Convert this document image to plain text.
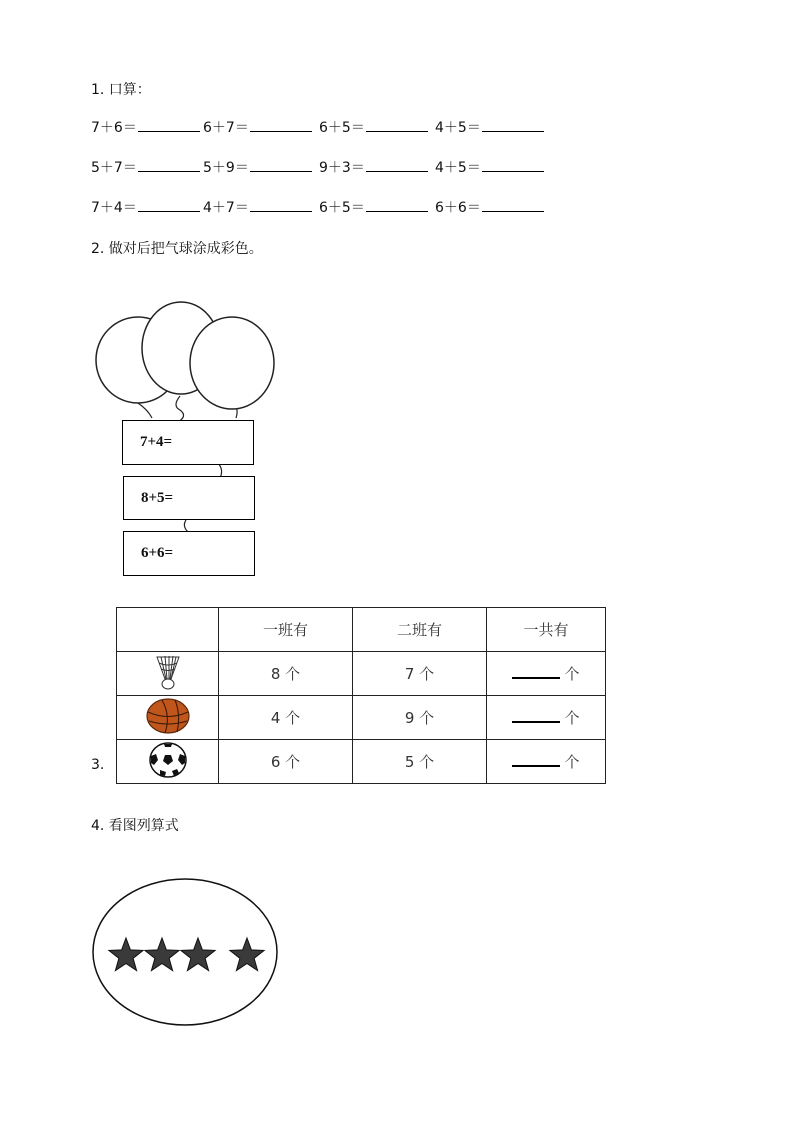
1. 口算：
7＋6＝	6＋7＝	6＋5＝	4＋5＝
5＋7＝	5＋9＝	9＋3＝	4＋5＝
7＋4＝	4＋7＝	6＋5＝	6＋6＝
2. 做对后把气球涂成彩色。
7+4=
8+5=
6+6=
3.
	一班有	二班有	一共有
	8 个	7 个	个
	4 个	9 个	个
	6 个	5 个	个
4. 看图列算式
